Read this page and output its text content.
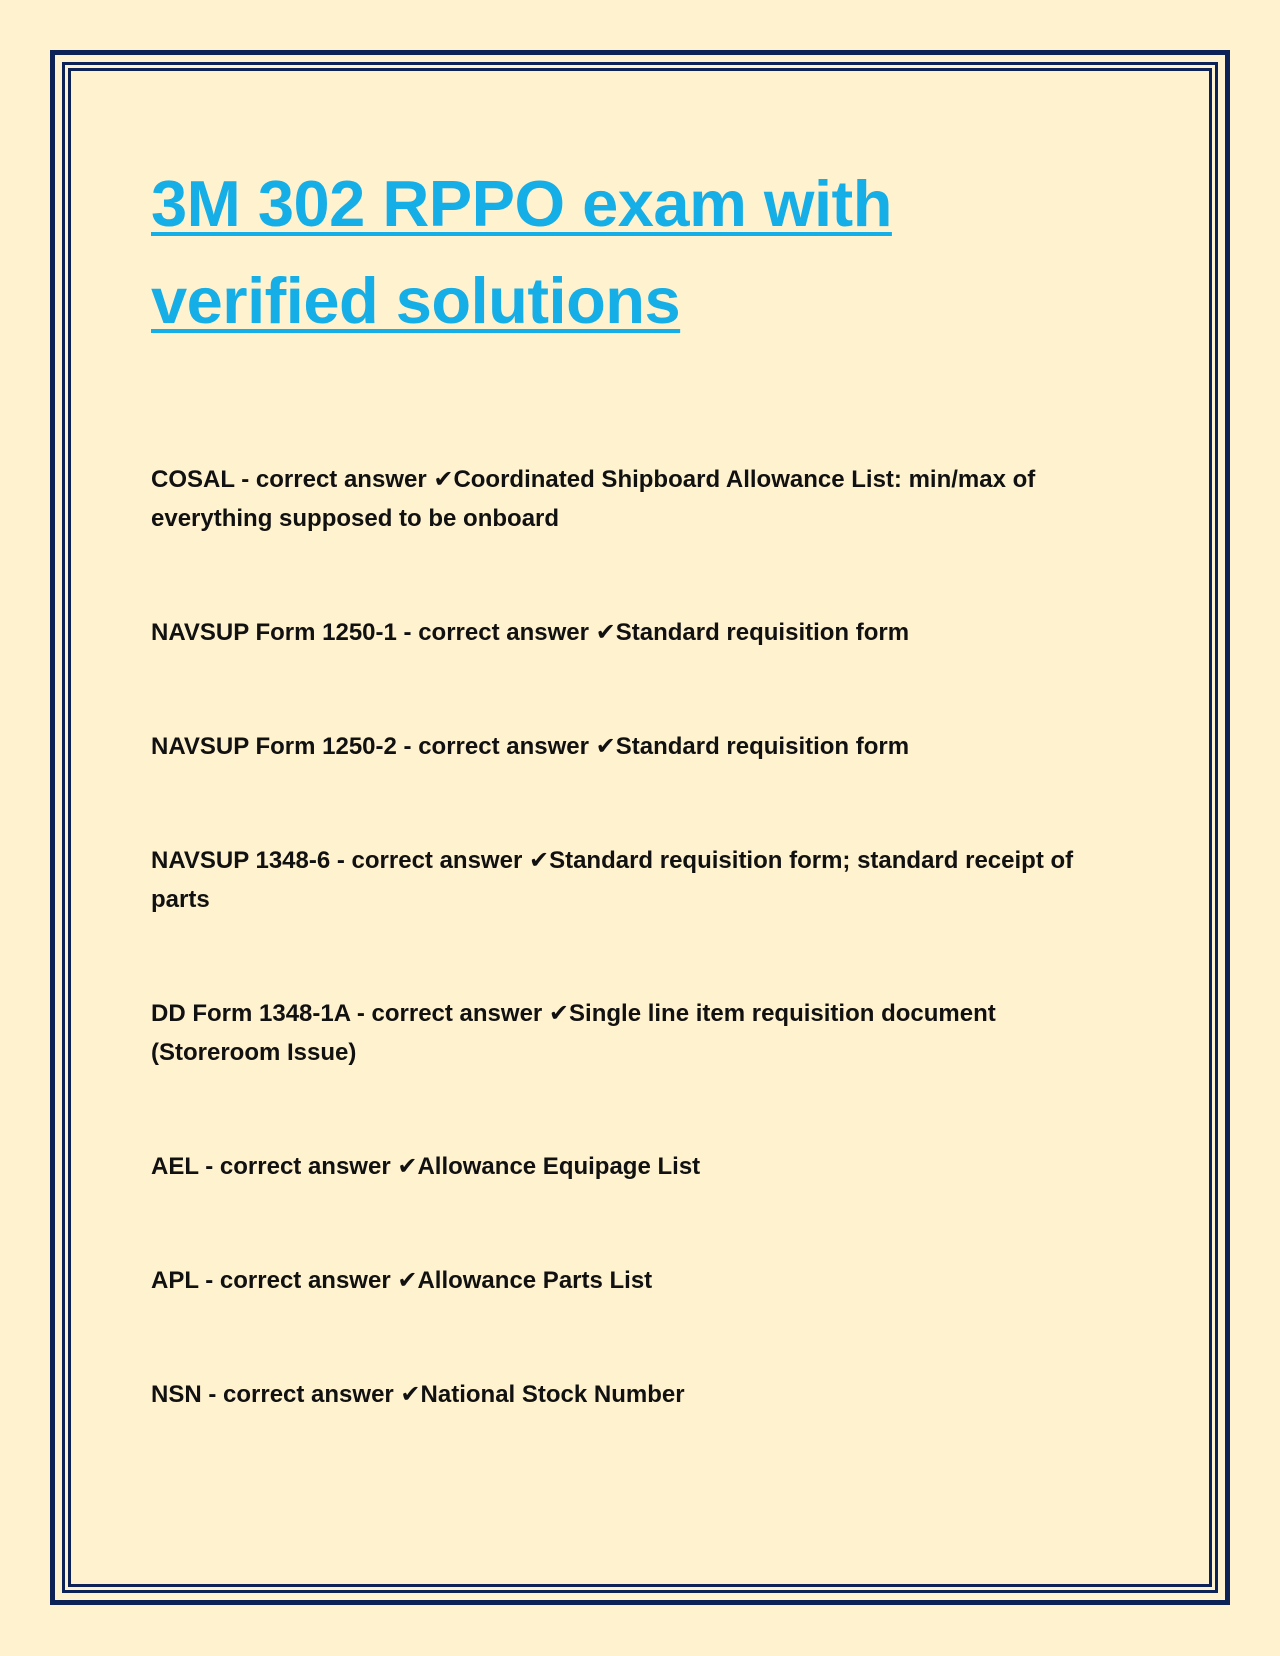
3M 302 RPPO exam with verified solutions
COSAL - correct answer ✔Coordinated Shipboard Allowance List: min/max of everything supposed to be onboard
NAVSUP Form 1250-1 - correct answer ✔Standard requisition form
NAVSUP Form 1250-2 - correct answer ✔Standard requisition form
NAVSUP 1348-6 - correct answer ✔Standard requisition form; standard receipt of parts
DD Form 1348-1A - correct answer ✔Single line item requisition document (Storeroom Issue)
AEL - correct answer ✔Allowance Equipage List
APL - correct answer ✔Allowance Parts List
NSN - correct answer ✔National Stock Number
